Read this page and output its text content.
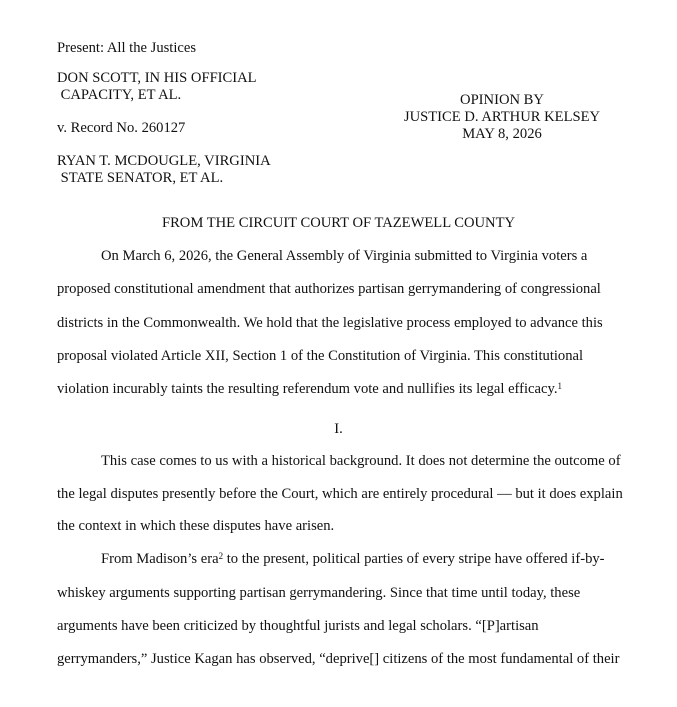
Present: All the Justices
DON SCOTT, IN HIS OFFICIAL
CAPACITY, ET AL.
v. Record No. 260127
RYAN T. MCDOUGLE, VIRGINIA
STATE SENATOR, ET AL.
OPINION BY
JUSTICE D. ARTHUR KELSEY
MAY 8, 2026
FROM THE CIRCUIT COURT OF TAZEWELL COUNTY
On March 6, 2026, the General Assembly of Virginia submitted to Virginia voters a
proposed constitutional amendment that authorizes partisan gerrymandering of congressional
districts in the Commonwealth. We hold that the legislative process employed to advance this
proposal violated Article XII, Section 1 of the Constitution of Virginia. This constitutional
violation incurably taints the resulting referendum vote and nullifies its legal efficacy.$^1$
I.
This case comes to us with a historical background. It does not determine the outcome of
the legal disputes presently before the Court, which are entirely procedural — but it does explain
the context in which these disputes have arisen.
From Madison’s era$^2$ to the present, political parties of every stripe have offered if-by-
whiskey arguments supporting partisan gerrymandering. Since that time until today, these
arguments have been criticized by thoughtful jurists and legal scholars. “[P]artisan
gerrymanders,” Justice Kagan has observed, “deprive[] citizens of the most fundamental of their
